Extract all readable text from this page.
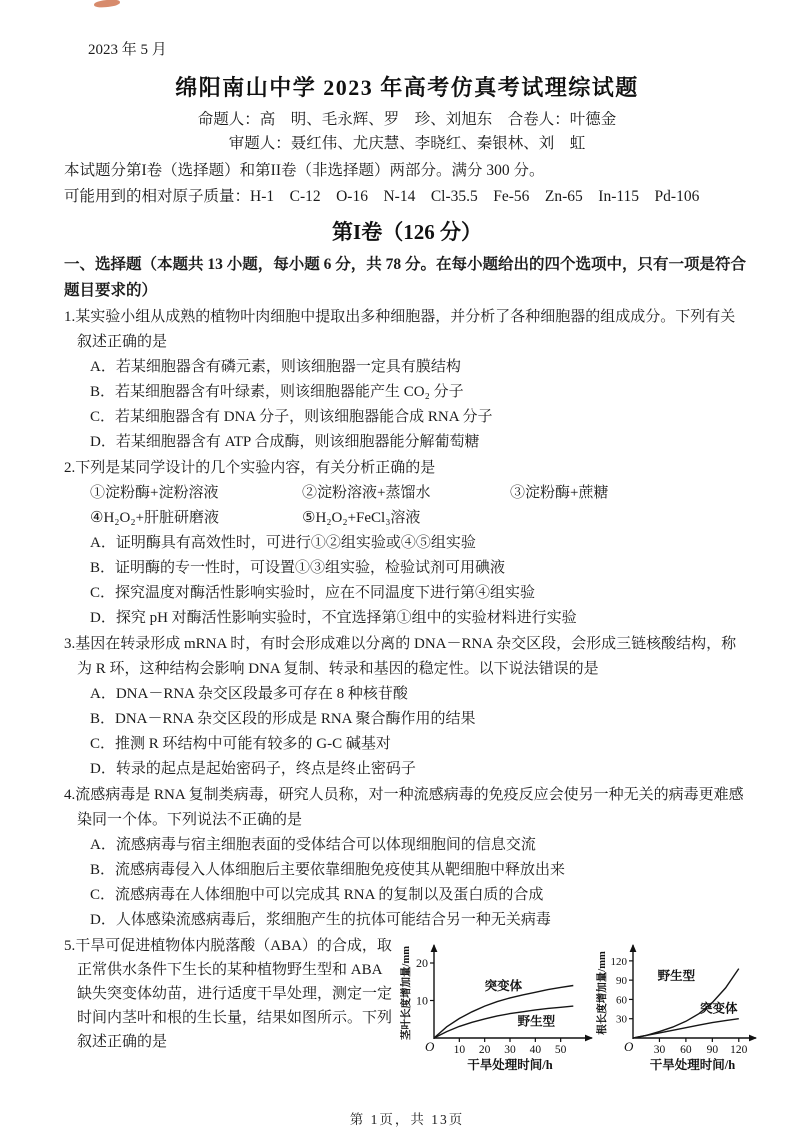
2023 年 5 月
绵阳南山中学 2023 年高考仿真考试理综试题
命题人：高　明、毛永辉、罗　珍、刘旭东　合卷人：叶德金
审题人：聂红伟、尤庆慧、李晓红、秦银林、刘　虹
本试题分第I卷（选择题）和第II卷（非选择题）两部分。满分 300 分。
可能用到的相对原子质量：H-1　C-12　O-16　N-14　Cl-35.5　Fe-56　Zn-65　In-115　Pd-106
第I卷（126 分）
一、选择题（本题共 13 小题，每小题 6 分，共 78 分。在每小题给出的四个选项中，只有一项是符合题目要求的）
1.某实验小组从成熟的植物叶肉细胞中提取出多种细胞器，并分析了各种细胞器的组成成分。下列有关叙述正确的是
A．若某细胞器含有磷元素，则该细胞器一定具有膜结构
B．若某细胞器含有叶绿素，则该细胞器能产生 CO₂ 分子
C．若某细胞器含有 DNA 分子，则该细胞器能合成 RNA 分子
D．若某细胞器含有 ATP 合成酶，则该细胞器能分解葡萄糖
2.下列是某同学设计的几个实验内容，有关分析正确的是
①淀粉酶+淀粉溶液	②淀粉溶液+蒸馏水	③淀粉酶+蔗糖
④H₂O₂+肝脏研磨液	⑤H₂O₂+FeCl₃溶液
A．证明酶具有高效性时，可进行①②组实验或④⑤组实验
B．证明酶的专一性时，可设置①③组实验，检验试剂可用碘液
C．探究温度对酶活性影响实验时，应在不同温度下进行第④组实验
D．探究 pH 对酶活性影响实验时，不宜选择第①组中的实验材料进行实验
3.基因在转录形成 mRNA 时，有时会形成难以分离的 DNA－RNA 杂交区段，会形成三链核酸结构，称为 R 环，这种结构会影响 DNA 复制、转录和基因的稳定性。以下说法错误的是
A．DNA－RNA 杂交区段最多可存在 8 种核苷酸
B．DNA－RNA 杂交区段的形成是 RNA 聚合酶作用的结果
C．推测 R 环结构中可能有较多的 G-C 碱基对
D．转录的起点是起始密码子，终点是终止密码子
4.流感病毒是 RNA 复制类病毒，研究人员称，对一种流感病毒的免疫反应会使另一种无关的病毒更难感染同一个体。下列说法不正确的是
A．流感病毒与宿主细胞表面的受体结合可以体现细胞间的信息交流
B．流感病毒侵入人体细胞后主要依靠细胞免疫使其从靶细胞中释放出来
C．流感病毒在人体细胞中可以完成其 RNA 的复制以及蛋白质的合成
D．人体感染流感病毒后，浆细胞产生的抗体可能结合另一种无关病毒
5.干旱可促进植物体内脱落酸（ABA）的合成，取正常供水条件下生长的某种植物野生型和 ABA 缺失突变体幼苗，进行适度干旱处理，测定一定时间内茎叶和根的生长量，结果如图所示。下列叙述正确的是
10
20
10 20 30 40 50
O
干旱处理时间/h
茎叶长度增加量/mm	突变体
野生型	30
60
90
120
30 60 90 120
O
干旱处理时间/h
根长度增加量/mm	野生型
突变体
第 1页，共 13页
